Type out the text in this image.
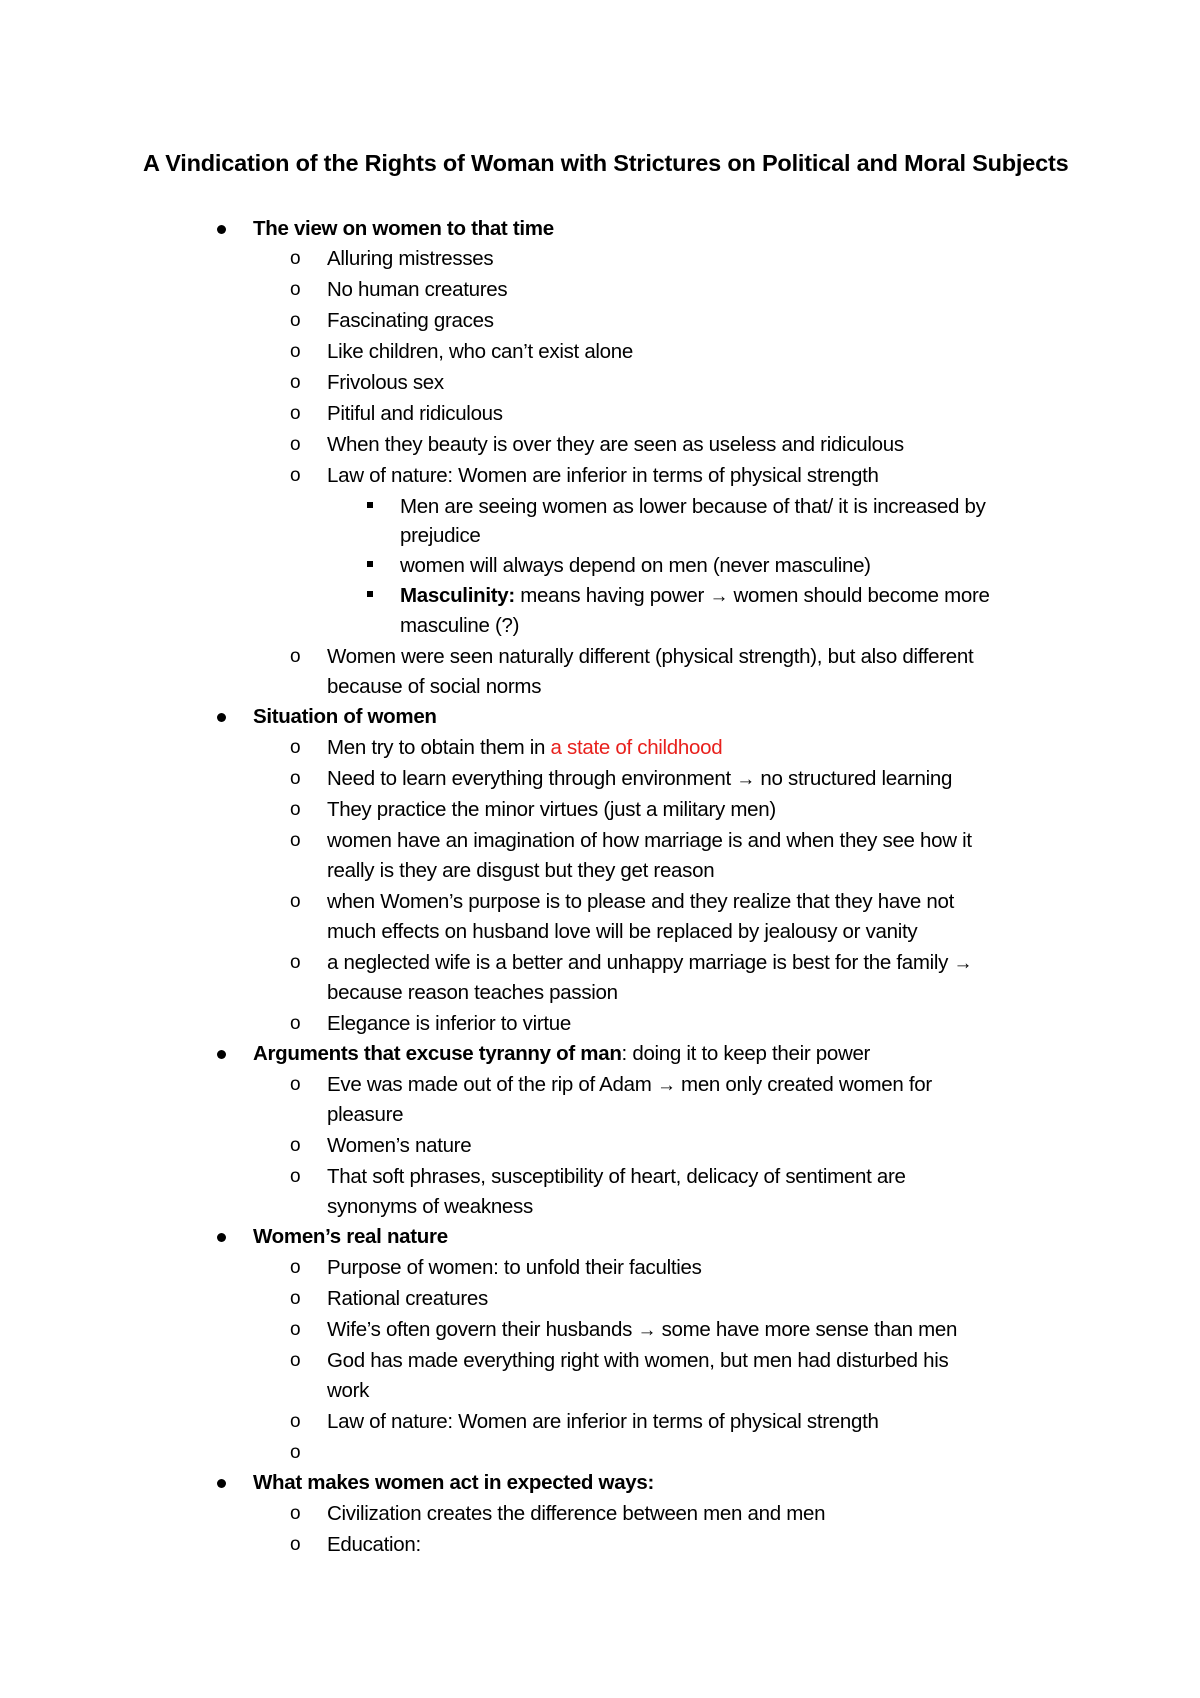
A Vindication of the Rights of Woman with Strictures on Political and Moral Subjects
The view on women to that time
o Alluring mistresses
o No human creatures
o Fascinating graces
o Like children, who can’t exist alone
o Frivolous sex
o Pitiful and ridiculous
o When they beauty is over they are seen as useless and ridiculous
o Law of nature: Women are inferior in terms of physical strength
Men are seeing women as lower because of that/ it is increased by
prejudice
women will always depend on men (never masculine)
Masculinity: means having power → women should become more
masculine (?)
o Women were seen naturally different (physical strength), but also different
because of social norms
Situation of women
o Men try to obtain them in a state of childhood
o Need to learn everything through environment → no structured learning
o They practice the minor virtues (just a military men)
o women have an imagination of how marriage is and when they see how it
really is they are disgust but they get reason
o when Women’s purpose is to please and they realize that they have not
much effects on husband love will be replaced by jealousy or vanity
o a neglected wife is a better and unhappy marriage is best for the family →
because reason teaches passion
o Elegance is inferior to virtue
Arguments that excuse tyranny of man: doing it to keep their power
o Eve was made out of the rip of Adam → men only created women for
pleasure
o Women’s nature
o That soft phrases, susceptibility of heart, delicacy of sentiment are
synonyms of weakness
Women’s real nature
o Purpose of women: to unfold their faculties
o Rational creatures
o Wife’s often govern their husbands → some have more sense than men
o God has made everything right with women, but men had disturbed his
work
o Law of nature: Women are inferior in terms of physical strength
o
What makes women act in expected ways:
o Civilization creates the difference between men and men
o Education:
